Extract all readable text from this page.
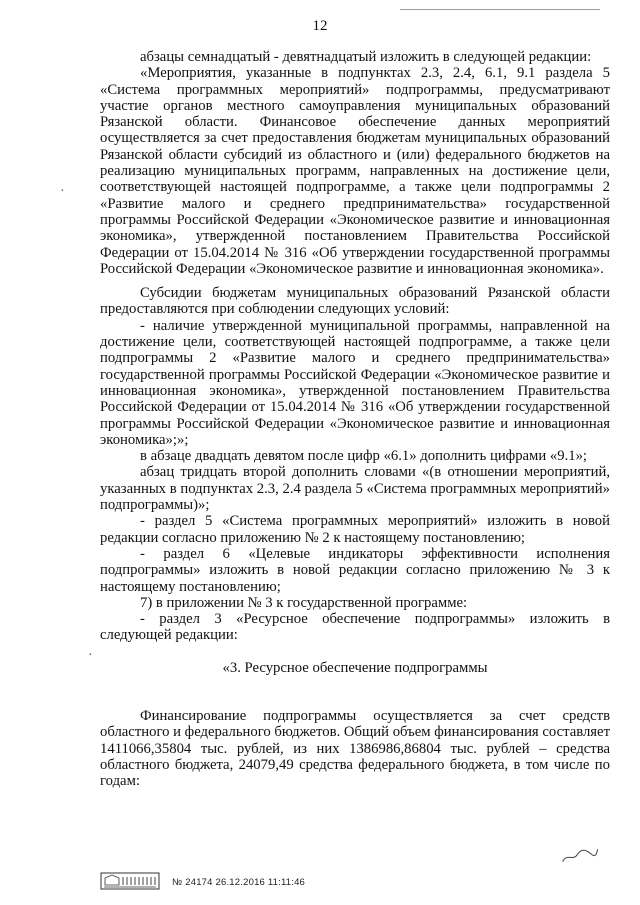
12
·
·

абзацы семнадцатый - девятнадцатый изложить в следующей редакции:

«Мероприятия, указанные в подпунктах 2.3, 2.4, 6.1, 9.1 раздела 5 «Система программных мероприятий» подпрограммы, предусматривают участие органов местного самоуправления муниципальных образований Рязанской области. Финансовое обеспечение данных мероприятий осуществляется за счет предоставления бюджетам муниципальных образований Рязанской области субсидий из областного и (или) федерального бюджетов на реализацию муниципальных программ, направленных на достижение цели, соответствующей настоящей подпрограмме, а также цели подпрограммы 2 «Развитие малого и среднего предпринимательства» государственной программы Российской Федерации «Экономическое развитие и инновационная экономика», утвержденной постановлением Правительства Российской Федерации от 15.04.2014 № 316 «Об утверждении государственной программы Российской Федерации «Экономическое развитие и инновационная экономика».

Субсидии бюджетам муниципальных образований Рязанской области предоставляются при соблюдении следующих условий:

- наличие утвержденной муниципальной программы, направленной на достижение цели, соответствующей настоящей подпрограмме, а также цели подпрограммы 2 «Развитие малого и среднего предпринимательства» государственной программы Российской Федерации «Экономическое развитие и инновационная экономика», утвержденной постановлением Правительства Российской Федерации от 15.04.2014 № 316 «Об утверждении государственной программы Российской Федерации «Экономическое развитие и инновационная экономика»;»;

в абзаце двадцать девятом после цифр «6.1» дополнить цифрами «9.1»;

абзац тридцать второй дополнить словами «(в отношении мероприятий, указанных в подпунктах 2.3, 2.4 раздела 5 «Система программных мероприятий» подпрограммы)»;

- раздел 5 «Система программных мероприятий» изложить в новой редакции согласно приложению № 2 к настоящему постановлению;

- раздел 6 «Целевые индикаторы эффективности исполнения подпрограммы» изложить в новой редакции согласно приложению № 3 к настоящему постановлению;

7) в приложении № 3 к государственной программе:

- раздел 3 «Ресурсное обеспечение подпрограммы» изложить в следующей редакции:

«3. Ресурсное обеспечение подпрограммы

Финансирование подпрограммы осуществляется за счет средств областного и федерального бюджетов. Общий объем финансирования составляет 1411066,35804 тыс. рублей, из них 1386986,86804 тыс. рублей – средства областного бюджета, 24079,49 средства федерального бюджета, в том числе по годам:

№ 24174 26.12.2016 11:11:46
